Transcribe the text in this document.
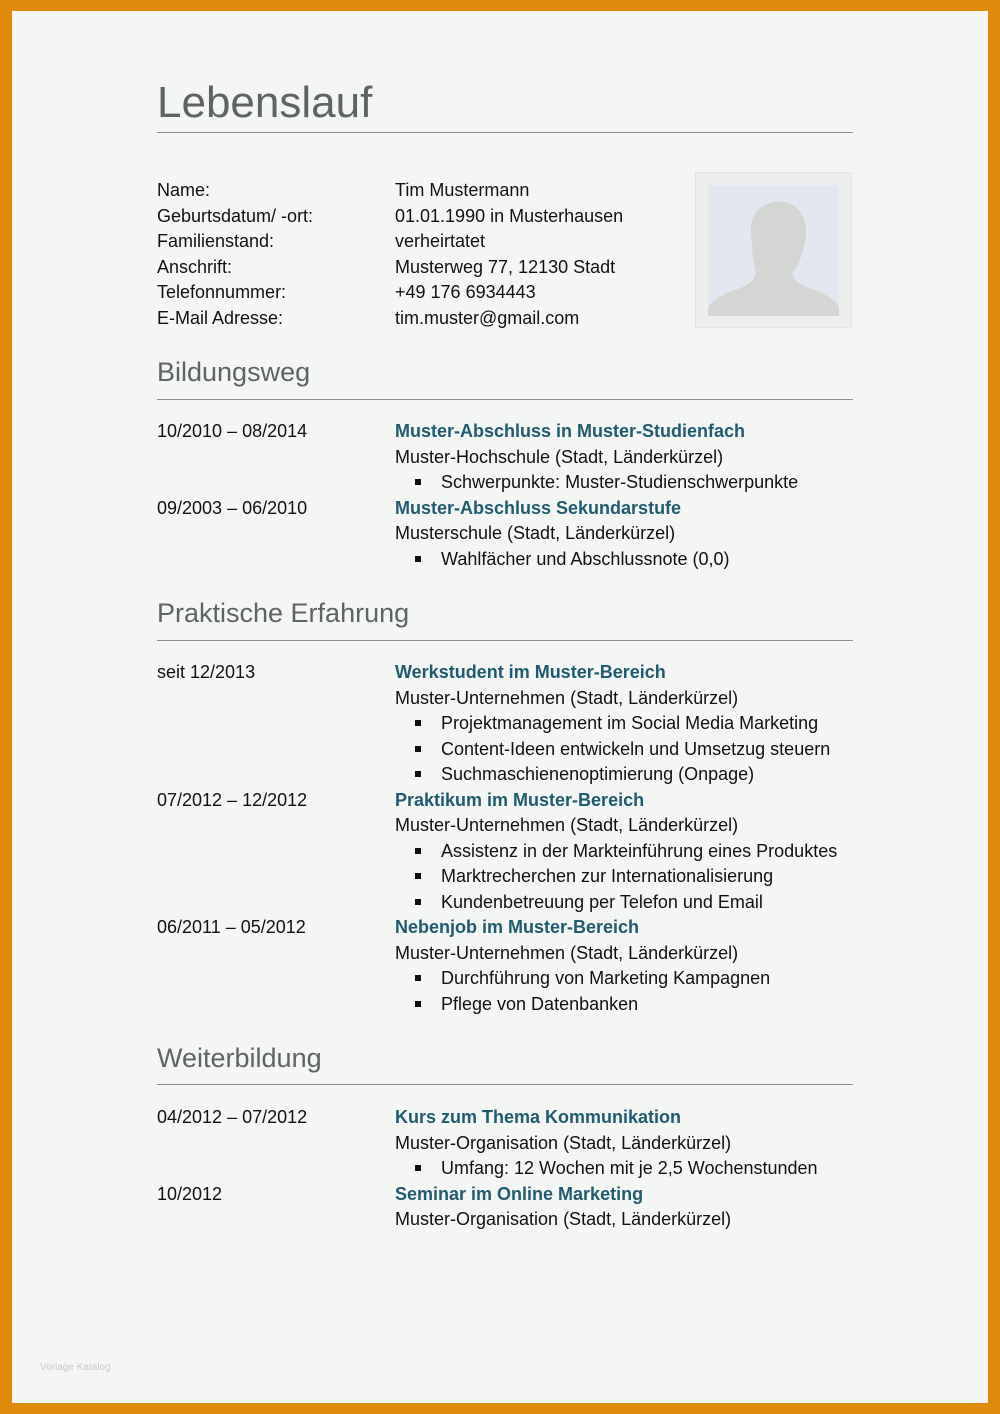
Lebenslauf
Name:	Tim Mustermann
Geburtsdatum/ -ort:	01.01.1990 in Musterhausen
Familienstand:	verheirtatet
Anschrift:	Musterweg 77, 12130 Stadt
Telefonnummer:	+49 176 6934443
E-Mail Adresse:	tim.muster@gmail.com
Bildungsweg
10/2010 – 08/2014	Muster-Abschluss in Muster-Studienfach
Muster-Hochschule (Stadt, Länderkürzel)
Schwerpunkte: Muster-Studienschwerpunkte
09/2003 – 06/2010	Muster-Abschluss Sekundarstufe
Musterschule (Stadt, Länderkürzel)
Wahlfächer und Abschlussnote (0,0)
Praktische Erfahrung
seit 12/2013	Werkstudent im Muster-Bereich
Muster-Unternehmen (Stadt, Länderkürzel)
Projektmanagement im Social Media Marketing
Content-Ideen entwickeln und Umsetzug steuern
Suchmaschienenoptimierung (Onpage)
07/2012 – 12/2012	Praktikum im Muster-Bereich
Muster-Unternehmen (Stadt, Länderkürzel)
Assistenz in der Markteinführung eines Produktes
Marktrecherchen zur Internationalisierung
Kundenbetreuung per Telefon und Email
06/2011 – 05/2012	Nebenjob im Muster-Bereich
Muster-Unternehmen (Stadt, Länderkürzel)
Durchführung von Marketing Kampagnen
Pflege von Datenbanken
Weiterbildung
04/2012 – 07/2012	Kurs zum Thema Kommunikation
Muster-Organisation (Stadt, Länderkürzel)
Umfang: 12 Wochen mit je 2,5 Wochenstunden
10/2012	Seminar im Online Marketing
Muster-Organisation (Stadt, Länderkürzel)
Vorlage Katalog
